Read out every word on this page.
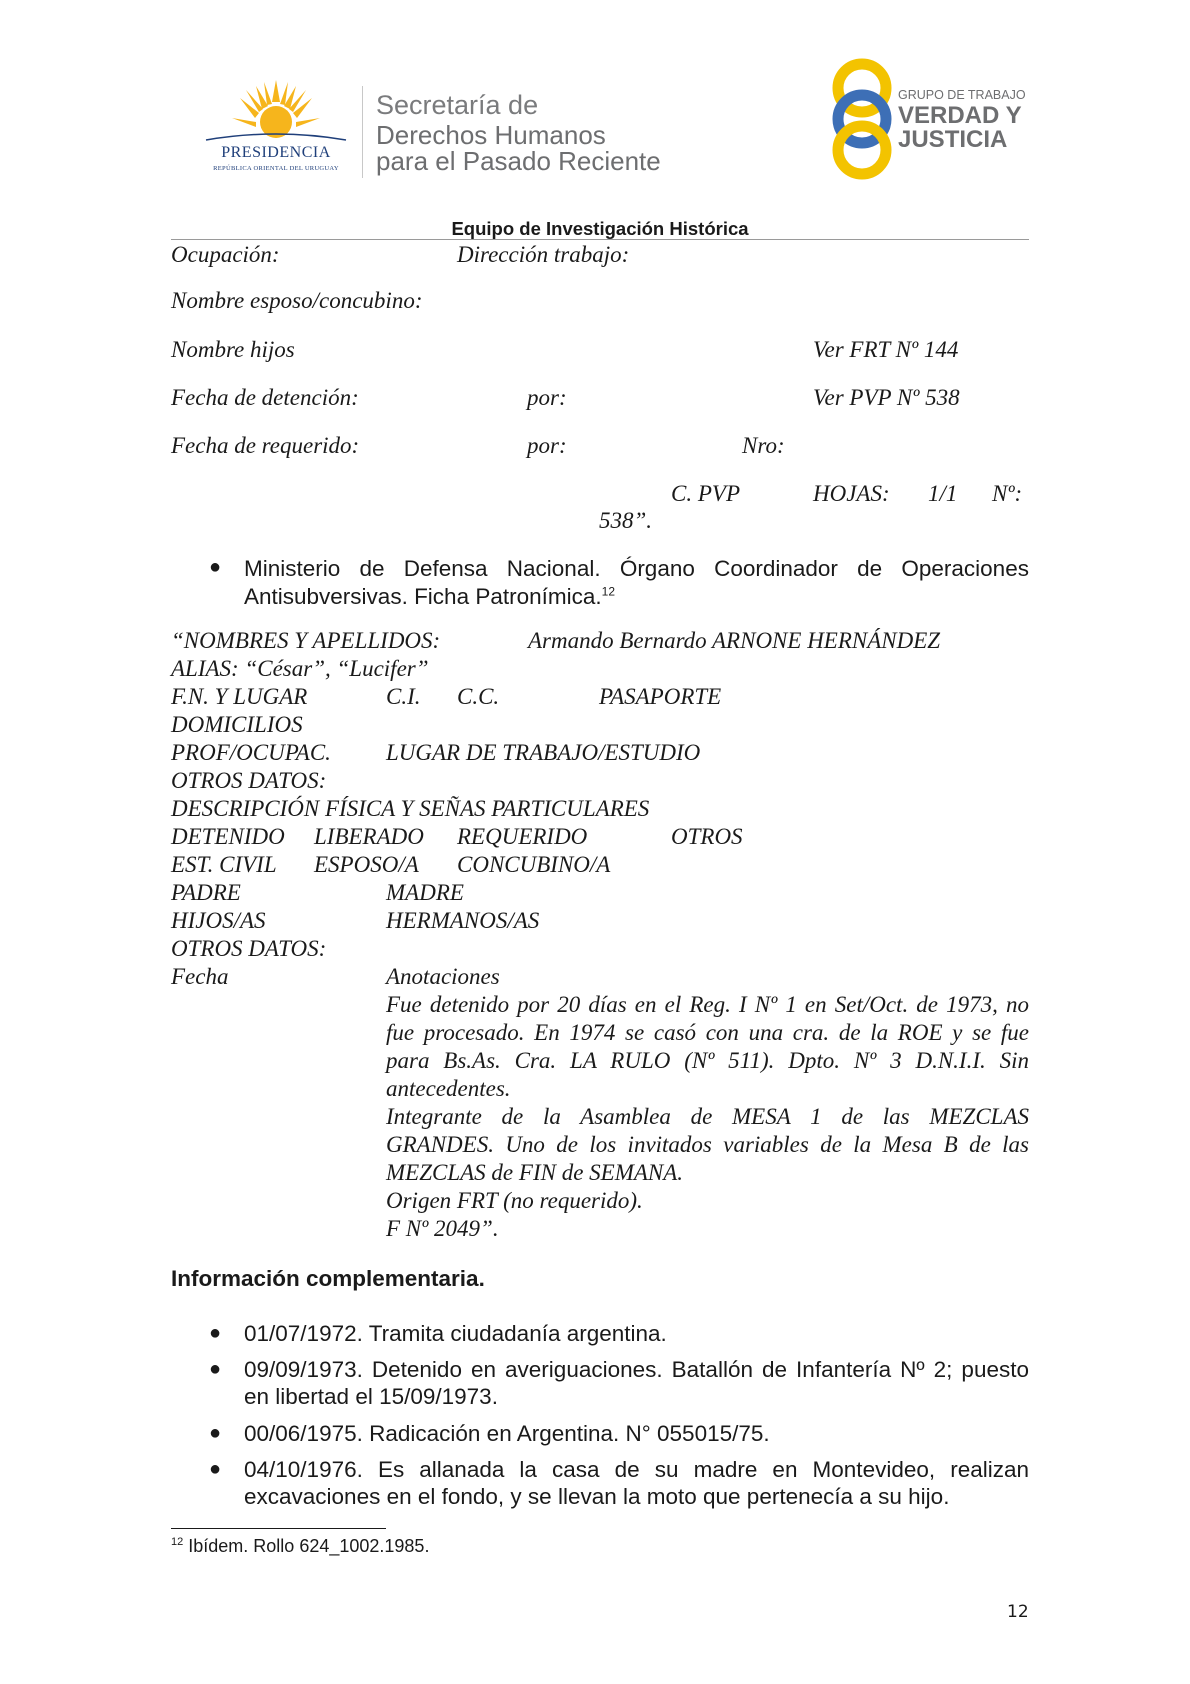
PRESIDENCIA
REPÚBLICA ORIENTAL DEL URUGUAY
Secretaría de
Derechos Humanos
para el Pasado Reciente
GRUPO DE TRABAJO
VERDAD Y
JUSTICIA
Equipo de Investigación Histórica
Ocupación:	Dirección trabajo:
Nombre esposo/concubino:
Nombre hijos	Ver FRT Nº 144
Fecha de detención:	por:	Ver PVP Nº 538
Fecha de requerido:	por:	Nro:
C. PVP	HOJAS: 1/1 Nº:
538”.
● Ministerio de Defensa Nacional. Órgano Coordinador de Operaciones
Antisubversivas. Ficha Patronímica.$^{12}$
“NOMBRES Y APELLIDOS:	Armando Bernardo ARNONE HERNÁNDEZ
ALIAS: “César”, “Lucifer”
F.N. Y LUGAR	C.I. C.C.	PASAPORTE
DOMICILIOS
PROF/OCUPAC. LUGAR DE TRABAJO/ESTUDIO
OTROS DATOS:
DESCRIPCIÓN FÍSICA Y SEÑAS PARTICULARES
DETENIDO LIBERADO REQUERIDO	OTROS
EST. CIVIL ESPOSO/A CONCUBINO/A
PADRE	MADRE
HIJOS/AS	HERMANOS/AS
OTROS DATOS:
Fecha	Anotaciones
Fue detenido por 20 días en el Reg. I Nº 1 en Set/Oct. de 1973, no
fue procesado. En 1974 se casó con una cra. de la ROE y se fue
para Bs.As. Cra. LA RULO (Nº 511). Dpto. Nº 3 D.N.I.I. Sin
antecedentes.
Integrante de la Asamblea de MESA 1 de las MEZCLAS
GRANDES. Uno de los invitados variables de la Mesa B de las
MEZCLAS de FIN de SEMANA.
Origen FRT (no requerido).
F Nº 2049”.
Información complementaria.
● 01/07/1972. Tramita ciudadanía argentina.
● 09/09/1973. Detenido en averiguaciones. Batallón de Infantería Nº 2; puesto en libertad el 15/09/1973.
● 00/06/1975. Radicación en Argentina. N° 055015/75.
● 04/10/1976. Es allanada la casa de su madre en Montevideo, realizan excavaciones en el fondo, y se llevan la moto que pertenecía a su hijo.
$^{12}$ Ibídem. Rollo 624_1002.1985.
12
